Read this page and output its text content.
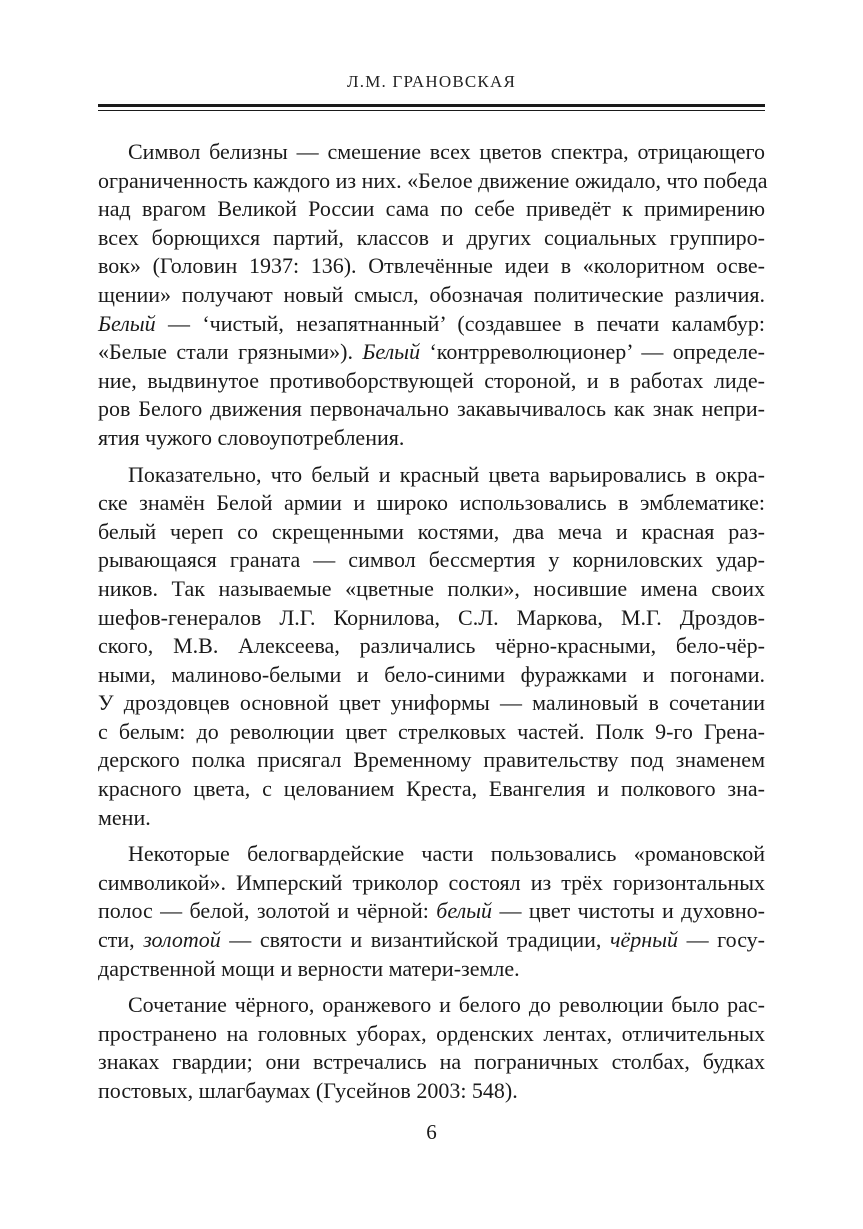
Л.М. ГРАНОВСКАЯ

Символ белизны — смешение всех цветов спектра, отрицающего
ограниченность каждого из них. «Белое движение ожидало, что победа
над врагом Великой России сама по себе приведёт к примирению
всех борющихся партий, классов и других социальных группиро-
вок» (Головин 1937: 136). Отвлечённые идеи в «колоритном осве-
щении» получают новый смысл, обозначая политические различия.
Белый — ‘чистый, незапятнанный’ (создавшее в печати каламбур:
«Белые стали грязными»). Белый ‘контрреволюционер’ — определе-
ние, выдвинутое противоборствующей стороной, и в работах лиде-
ров Белого движения первоначально закавычивалось как знак непри-
ятия чужого словоупотребления.

Показательно, что белый и красный цвета варьировались в окра-
ске знамён Белой армии и широко использовались в эмблематике:
белый череп со скрещенными костями, два меча и красная раз-
рывающаяся граната — символ бессмертия у корниловских удар-
ников. Так называемые «цветные полки», носившие имена своих
шефов-генералов Л.Г. Корнилова, С.Л. Маркова, М.Г. Дроздов-
ского, М.В. Алексеева, различались чёрно-красными, бело-чёр-
ными, малиново-белыми и бело-синими фуражками и погонами.
У дроздовцев основной цвет униформы — малиновый в сочетании
с белым: до революции цвет стрелковых частей. Полк 9-го Грена-
дерского полка присягал Временному правительству под знаменем
красного цвета, с целованием Креста, Евангелия и полкового зна-
мени.

Некоторые белогвардейские части пользовались «романовской
символикой». Имперский триколор состоял из трёх горизонтальных
полос — белой, золотой и чёрной: белый — цвет чистоты и духовно-
сти, золотой — святости и византийской традиции, чёрный — госу-
дарственной мощи и верности матери-земле.

Сочетание чёрного, оранжевого и белого до революции было рас-
пространено на головных уборах, орденских лентах, отличительных
знаках гвардии; они встречались на пограничных столбах, будках
постовых, шлагбаумах (Гусейнов 2003: 548).

6
